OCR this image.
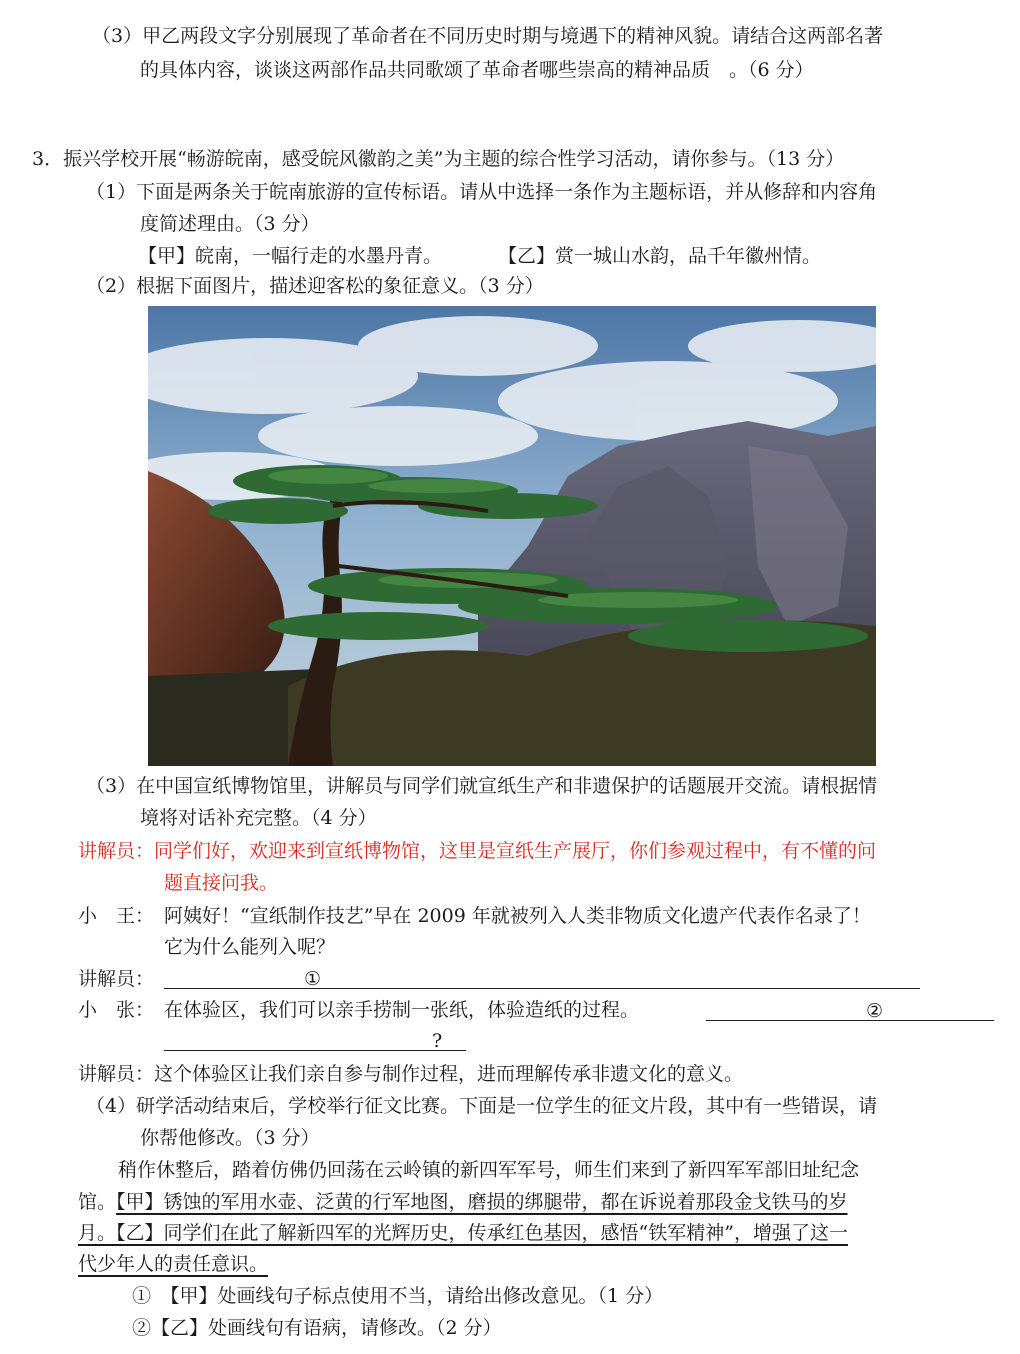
（3）甲乙两段文字分别展现了革命者在不同历史时期与境遇下的精神风貌。请结合这两部名著
的具体内容，谈谈这两部作品共同歌颂了革命者哪些崇高的精神品质　。（6 分）
3．振兴学校开展“畅游皖南，感受皖风徽韵之美”为主题的综合性学习活动，请你参与。（13 分）
（1）下面是两条关于皖南旅游的宣传标语。请从中选择一条作为主题标语，并从修辞和内容角
度简述理由。（3 分）
【甲】皖南，一幅行走的水墨丹青。	【乙】赏一城山水韵，品千年徽州情。
（2）根据下面图片，描述迎客松的象征意义。（3 分）
（3）在中国宣纸博物馆里，讲解员与同学们就宣纸生产和非遗保护的话题展开交流。请根据情
境将对话补充完整。（4 分）
讲解员：同学们好，欢迎来到宣纸博物馆，这里是宣纸生产展厅，你们参观过程中，有不懂的问
题直接问我。
小　王： 阿姨好！“宣纸制作技艺”早在 2009 年就被列入人类非物质文化遗产代表作名录了！
它为什么能列入呢？
讲解员：	①
小　张： 在体验区，我们可以亲手捞制一张纸，体验造纸的过程。	②
?
讲解员：这个体验区让我们亲自参与制作过程，进而理解传承非遗文化的意义。
（4）研学活动结束后，学校举行征文比赛。下面是一位学生的征文片段，其中有一些错误，请
你帮他修改。（3 分）
稍作休整后，踏着仿佛仍回荡在云岭镇的新四军军号，师生们来到了新四军军部旧址纪念
馆。【甲】锈蚀的军用水壶、泛黄的行军地图，磨损的绑腿带，都在诉说着那段金戈铁马的岁
月。【乙】同学们在此了解新四军的光辉历史，传承红色基因，感悟“铁军精神”，增强了这一
代少年人的责任意识。
①　【甲】处画线句子标点使用不当，请给出修改意见。（1 分）
②【乙】处画线句有语病，请修改。（2 分）
